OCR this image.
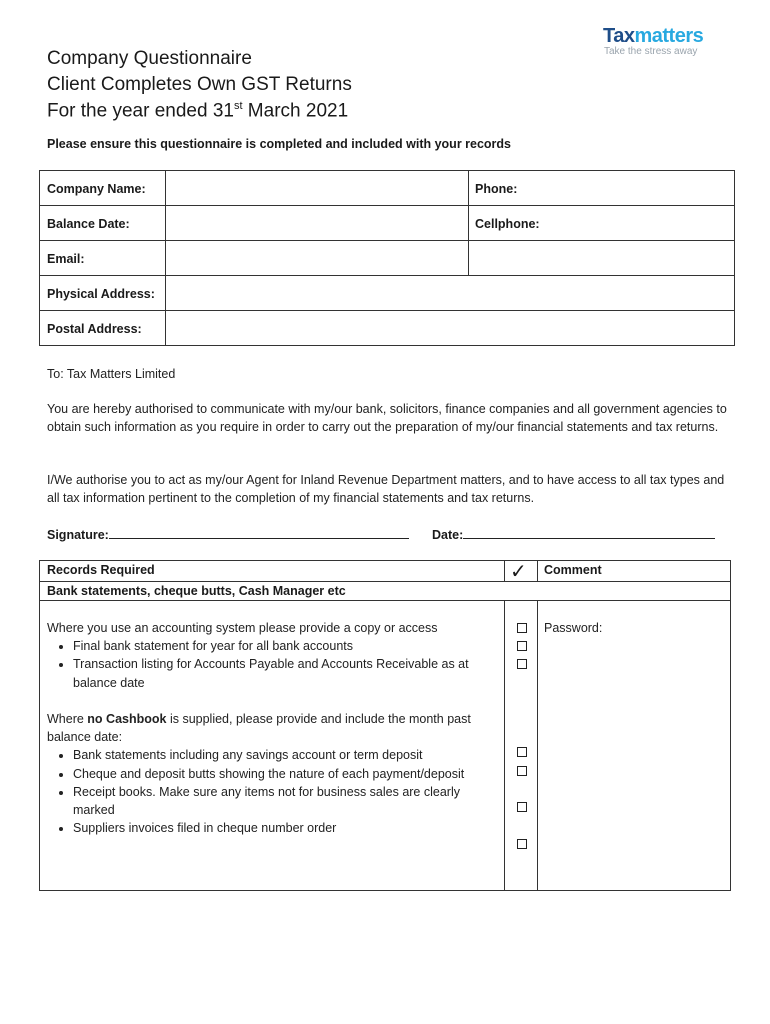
Company Questionnaire
Client Completes Own GST Returns
For the year ended 31st March 2021
Taxmatters
Take the stress away
Please ensure this questionnaire is completed and included with your records
Company Name:	Phone:
Balance Date:	Cellphone:
Email:
Physical Address:
Postal Address:

To: Tax Matters Limited

You are hereby authorised to communicate with my/our bank, solicitors, finance companies and all government agencies to obtain such information as you require in order to carry out the preparation of my/our financial statements and tax returns.

I/We authorise you to act as my/our Agent for Inland Revenue Department matters, and to have access to all tax types and all tax information pertinent to the completion of my financial statements and tax returns.

Signature:	Date:
Records Required	✓ Comment
Bank statements, cheque butts, Cash Manager etc
Where you use an accounting system please provide a copy or access
• Final bank statement for year for all bank accounts
• Transaction listing for Accounts Payable and Accounts Receivable as at balance date
Where no Cashbook is supplied, please provide and include the month past balance date:
• Bank statements including any savings account or term deposit
• Cheque and deposit butts showing the nature of each payment/deposit
• Receipt books. Make sure any items not for business sales are clearly marked
• Suppliers invoices filed in cheque number order
Password:
